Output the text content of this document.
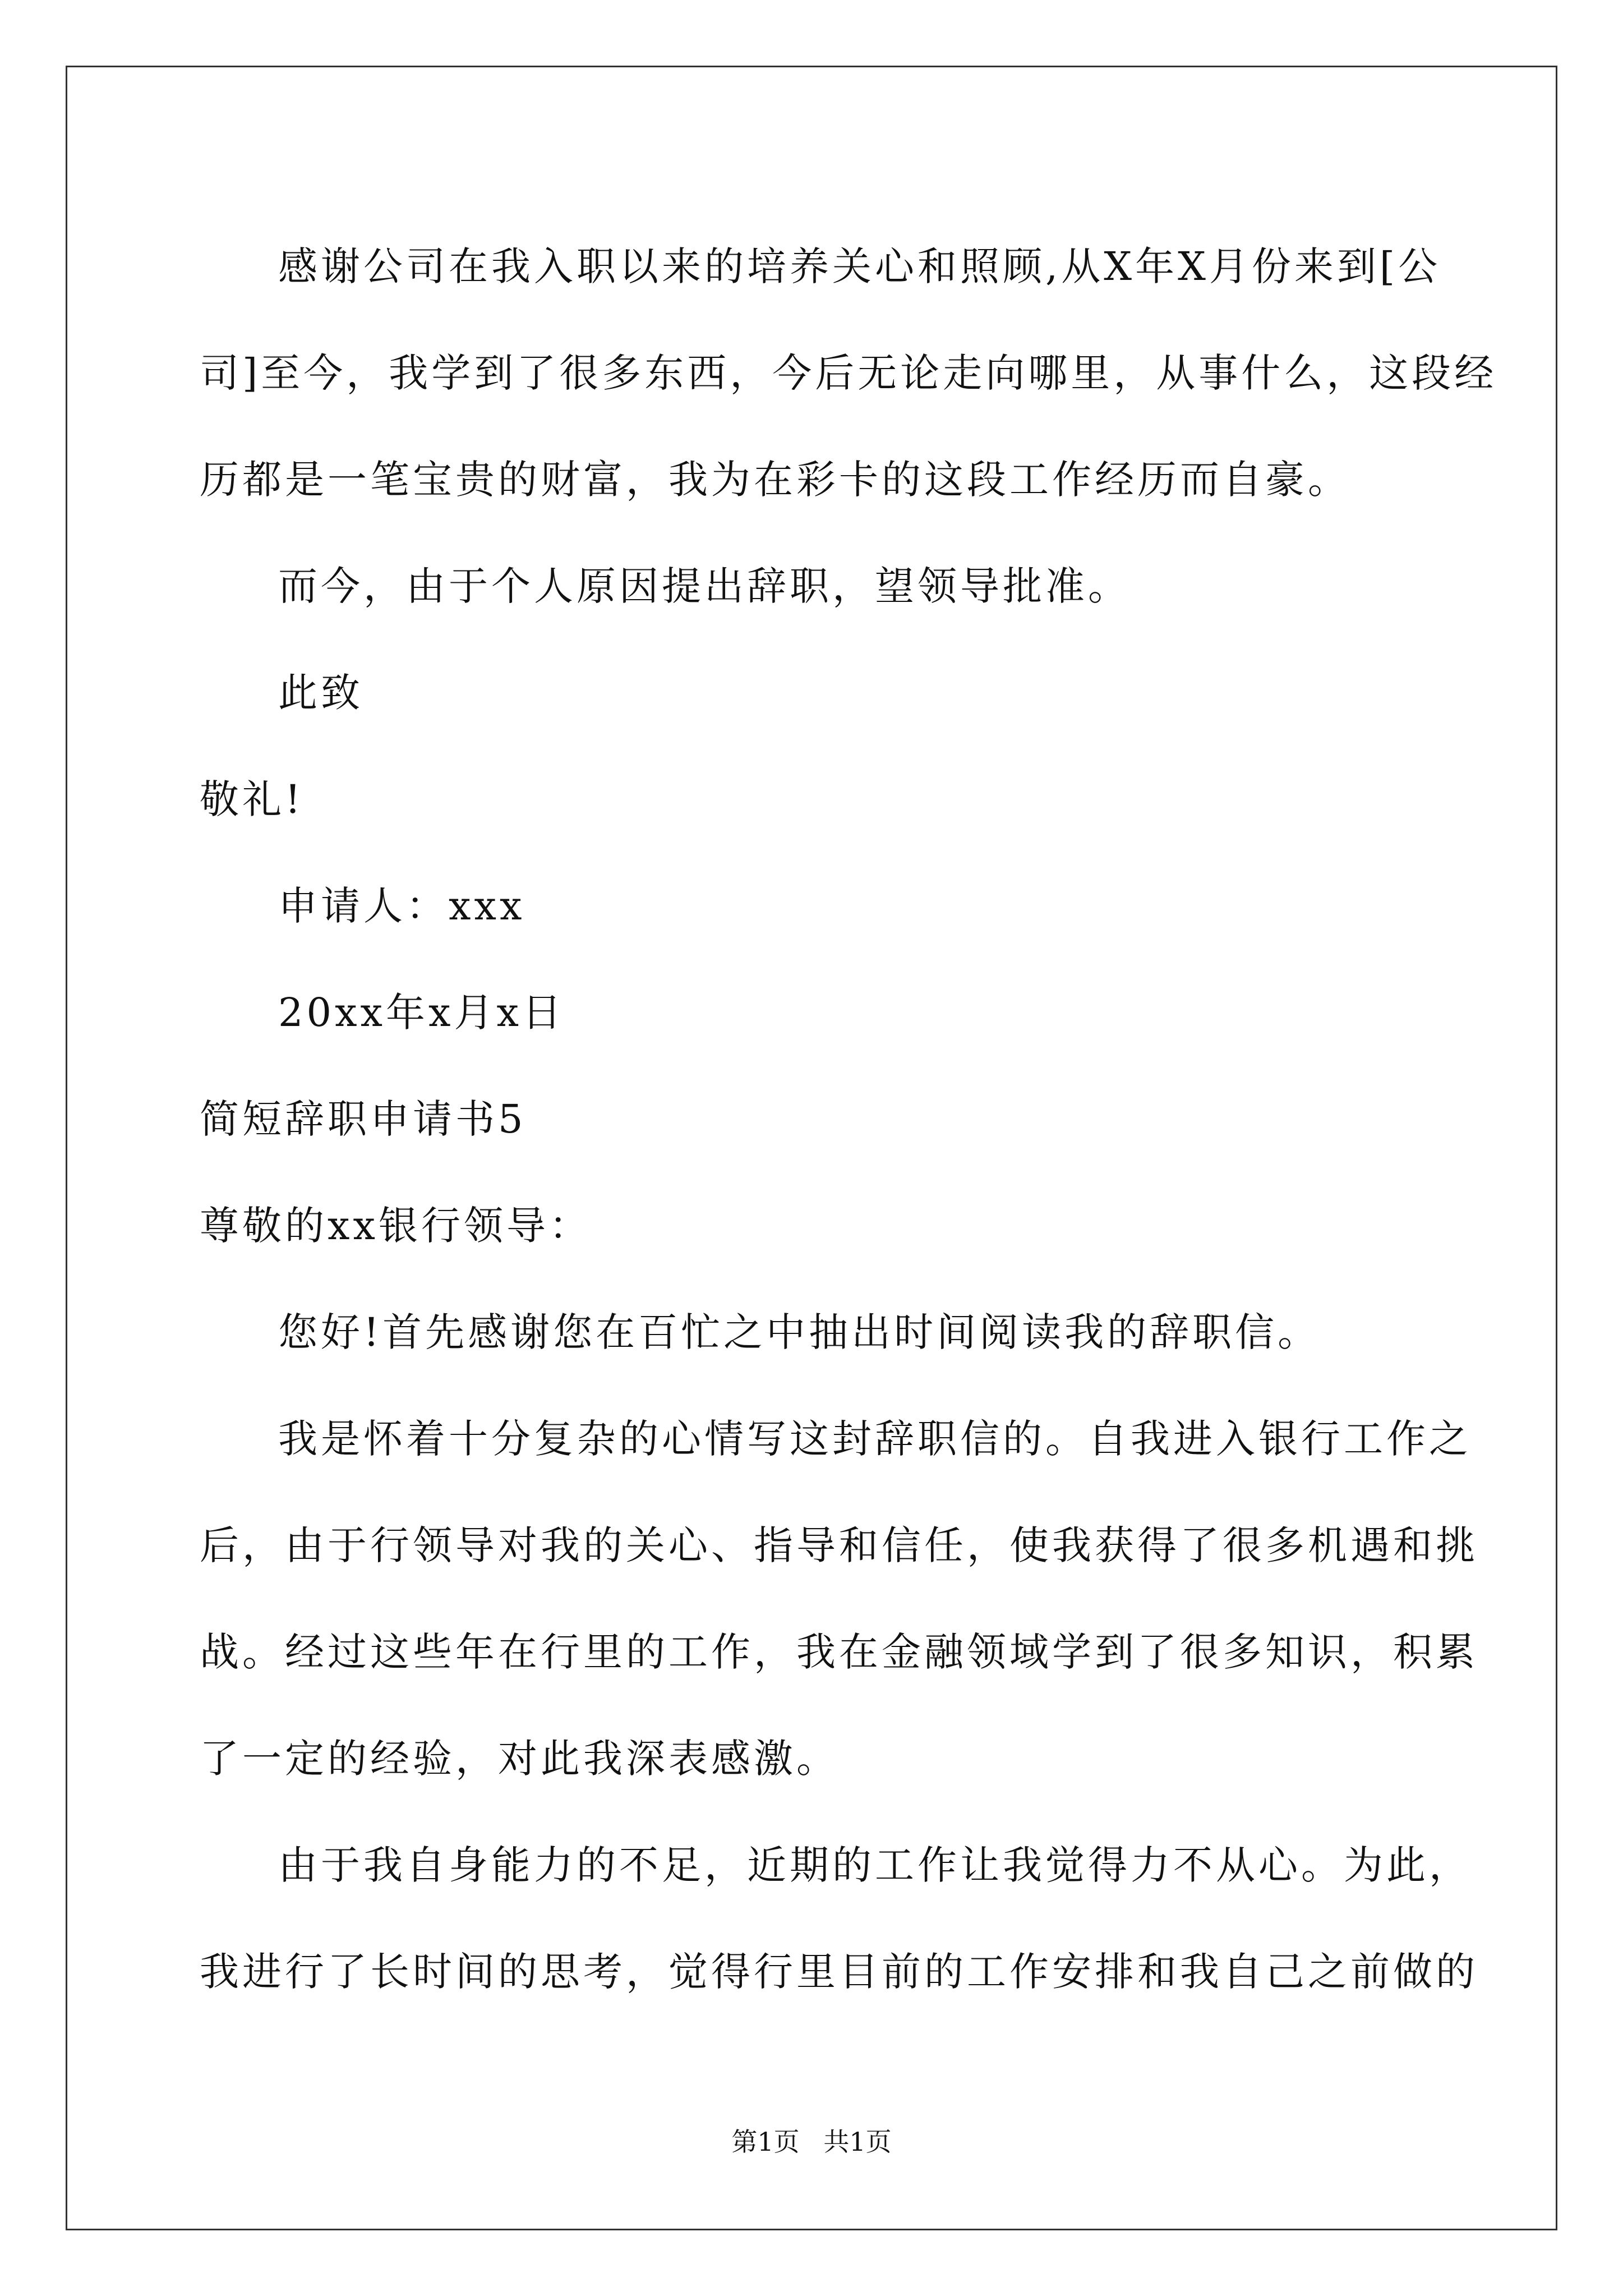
感谢公司在我入职以来的培养关心和照顾,从X年X月份来到[公
司]至今，我学到了很多东西，今后无论走向哪里，从事什么，这段经
历都是一笔宝贵的财富，我为在彩卡的这段工作经历而自豪。
而今，由于个人原因提出辞职，望领导批准。
此致
敬礼!
申请人：xxx
20xx年x月x日
简短辞职申请书5
尊敬的xx银行领导：
您好!首先感谢您在百忙之中抽出时间阅读我的辞职信。
我是怀着十分复杂的心情写这封辞职信的。自我进入银行工作之
后，由于行领导对我的关心、指导和信任，使我获得了很多机遇和挑
战。经过这些年在行里的工作，我在金融领域学到了很多知识，积累
了一定的经验，对此我深表感激。
由于我自身能力的不足，近期的工作让我觉得力不从心。为此，
我进行了长时间的思考，觉得行里目前的工作安排和我自己之前做的
第1页 共1页
